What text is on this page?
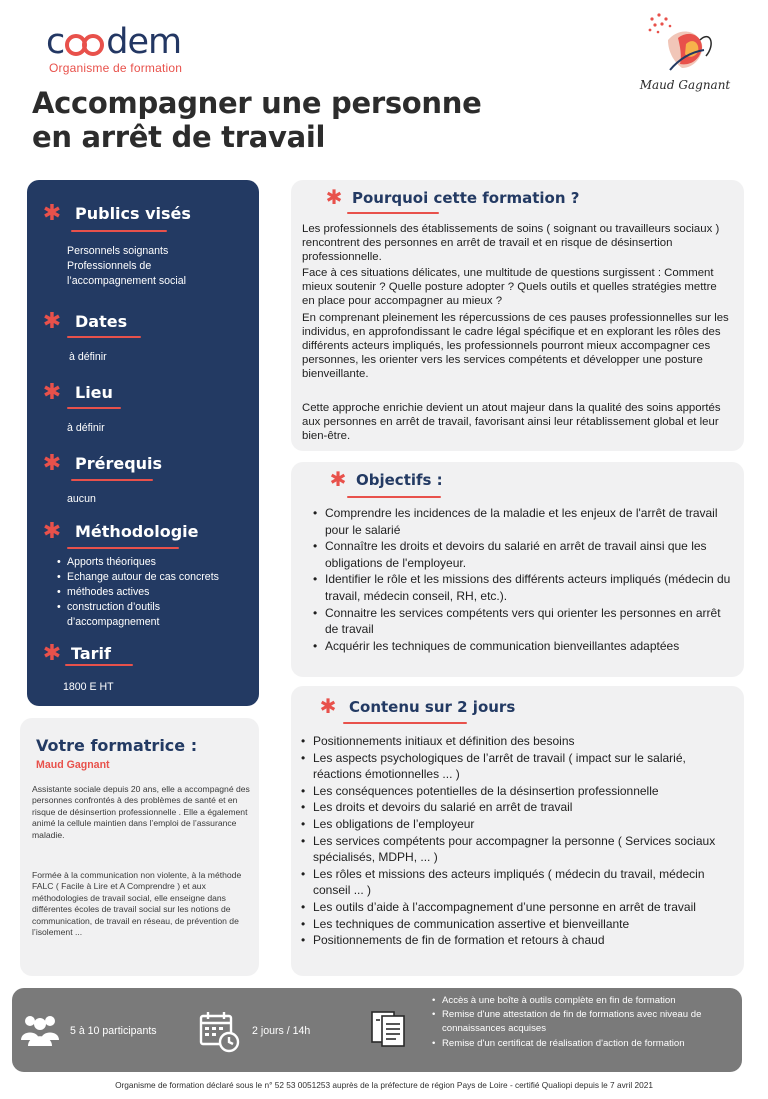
c dem
Organisme de formation
Maud Gagnant
Accompagner une personne
en arrêt de travail
✱ Publics visés
Personnels soignants
Professionnels de
l’accompagnement social
✱ Dates
à définir
✱ Lieu
à définir
✱ Prérequis
aucun
✱ Méthodologie
• Apports théoriques
• Echange autour de cas concrets
• méthodes actives
• construction d’outils d’accompagnement
✱ Tarif
1800 E HT
Votre formatrice :
Maud Gagnant
Assistante sociale depuis 20 ans, elle a accompagné des personnes confrontés à des problèmes de santé et en risque de désinsertion professionnelle . Elle a également animé la cellule maintien dans l’emploi de l’assurance maladie.
Formée à la communication non violente, à la méthode FALC ( Facile à Lire et A Comprendre ) et aux méthodologies de travail social, elle enseigne dans différentes écoles de travail social sur les notions de communication, de travail en réseau, de prévention de l’isolement ...
✱ Pourquoi cette formation ?
Les professionnels des établissements de soins ( soignant ou travailleurs sociaux ) rencontrent des personnes en arrêt de travail et en risque de désinsertion professionnelle.
Face à ces situations délicates, une multitude de questions surgissent : Comment mieux soutenir ? Quelle posture adopter ? Quels outils et quelles stratégies mettre en place pour accompagner au mieux ?
En comprenant pleinement les répercussions de ces pauses professionnelles sur les individus, en approfondissant le cadre légal spécifique et en explorant les rôles des différents acteurs impliqués, les professionnels pourront mieux accompagner ces personnes, les orienter vers les services compétents et développer une posture bienveillante.
Cette approche enrichie devient un atout majeur dans la qualité des soins apportés aux personnes en arrêt de travail, favorisant ainsi leur rétablissement global et leur bien-être.
✱ Objectifs :
• Comprendre les incidences de la maladie et les enjeux de l'arrêt de travail pour le salarié
• Connaître les droits et devoirs du salarié en arrêt de travail ainsi que les obligations de l'employeur.
• Identifier le rôle et les missions des différents acteurs impliqués (médecin du travail, médecin conseil, RH, etc.).
• Connaitre les services compétents vers qui orienter les personnes en arrêt de travail
• Acquérir les techniques de communication bienveillantes adaptées
✱ Contenu sur 2 jours
• Positionnements initiaux et définition des besoins
• Les aspects psychologiques de l’arrêt de travail ( impact sur le salarié, réactions émotionnelles ... )
• Les conséquences potentielles de la désinsertion professionnelle
• Les droits et devoirs du salarié en arrêt de travail
• Les obligations de l’employeur
• Les services compétents pour accompagner la personne ( Services sociaux spécialisés, MDPH, ... )
• Les rôles et missions des acteurs impliqués ( médecin du travail, médecin conseil ... )
• Les outils d’aide à l’accompagnement d’une personne en arrêt de travail
• Les techniques de communication assertive et bienveillante
• Positionnements de fin de formation et retours à chaud
5 à 10 participants	2 jours / 14h
• Accès à une boîte à outils complète en fin de formation
• Remise d'une attestation de fin de formations avec niveau de connaissances acquises
• Remise d'un certificat de réalisation d'action de formation
Organisme de formation déclaré sous le n° 52 53 0051253 auprès de la préfecture de région Pays de Loire - certifié Qualiopi depuis le 7 avril 2021
